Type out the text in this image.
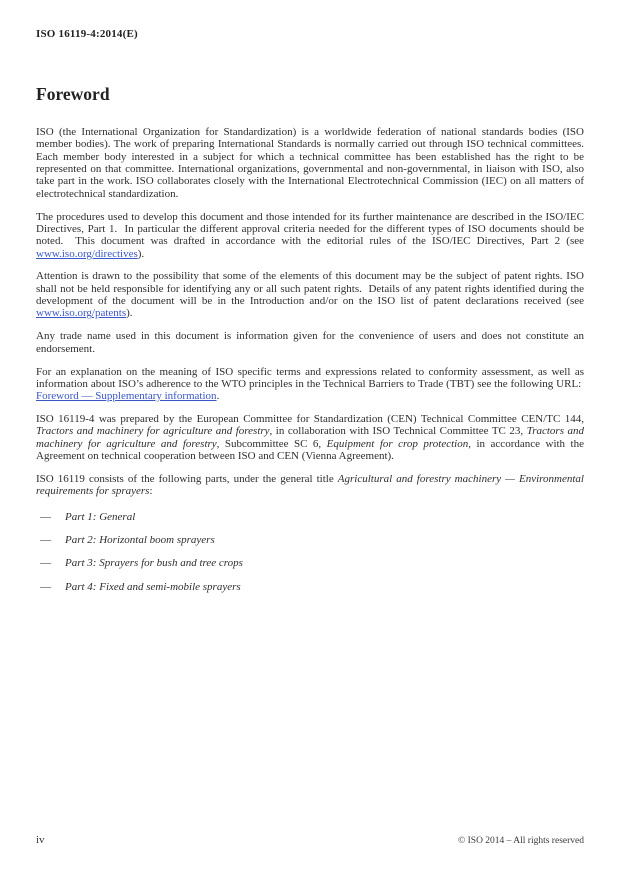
ISO 16119-4:2014(E)
Foreword

ISO (the International Organization for Standardization) is a worldwide federation of national standards bodies (ISO member bodies). The work of preparing International Standards is normally carried out through ISO technical committees. Each member body interested in a subject for which a technical committee has been established has the right to be represented on that committee. International organizations, governmental and non-governmental, in liaison with ISO, also take part in the work. ISO collaborates closely with the International Electrotechnical Commission (IEC) on all matters of electrotechnical standardization.

The procedures used to develop this document and those intended for its further maintenance are described in the ISO/IEC Directives, Part 1.  In particular the different approval criteria needed for the different types of ISO documents should be noted.  This document was drafted in accordance with the editorial rules of the ISO/IEC Directives, Part 2 (see www.iso.org/directives).

Attention is drawn to the possibility that some of the elements of this document may be the subject of patent rights. ISO shall not be held responsible for identifying any or all such patent rights.  Details of any patent rights identified during the development of the document will be in the Introduction and/or on the ISO list of patent declarations received (see www.iso.org/patents).

Any trade name used in this document is information given for the convenience of users and does not constitute an endorsement.

For an explanation on the meaning of ISO specific terms and expressions related to conformity assessment, as well as information about ISO’s adherence to the WTO principles in the Technical Barriers to Trade (TBT) see the following URL:  Foreword — Supplementary information.

ISO 16119-4 was prepared by the European Committee for Standardization (CEN) Technical Committee CEN/TC 144, Tractors and machinery for agriculture and forestry, in collaboration with ISO Technical Committee TC 23, Tractors and machinery for agriculture and forestry, Subcommittee SC 6, Equipment for crop protection, in accordance with the Agreement on technical cooperation between ISO and CEN (Vienna Agreement).

ISO 16119 consists of the following parts, under the general title Agricultural and forestry machinery — Environmental requirements for sprayers:

— Part 1: General
— Part 2: Horizontal boom sprayers
— Part 3: Sprayers for bush and tree crops
— Part 4: Fixed and semi-mobile sprayers
iv	© ISO 2014 – All rights reserved
